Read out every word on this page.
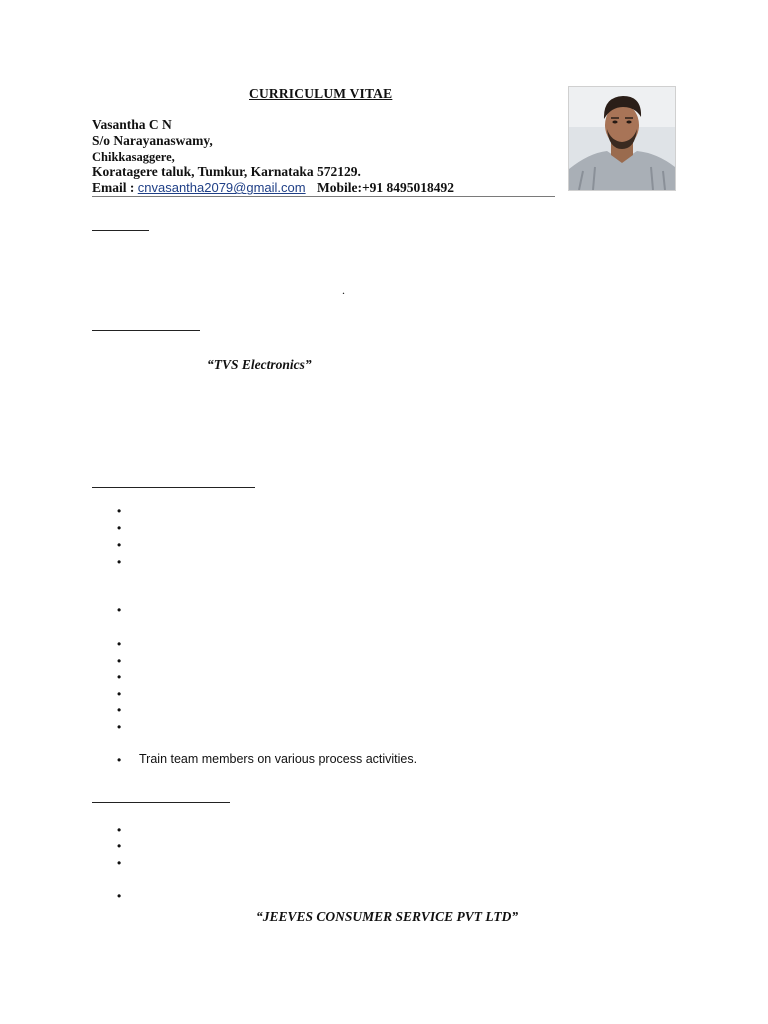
CURRICULUM VITAE
Vasantha C N
S/o Narayanaswamy,
Chikkasaggere,
Koratagere taluk, Tumkur, Karnataka 572129.
Email : cnvasantha2079@gmail.com Mobile:+91 8495018492
.
“TVS Electronics”
•
•
•
•
•
•
•
•
•
•
•
• Train team members on various process activities.
•
•
•
•
“JEEVES CONSUMER SERVICE PVT LTD”
